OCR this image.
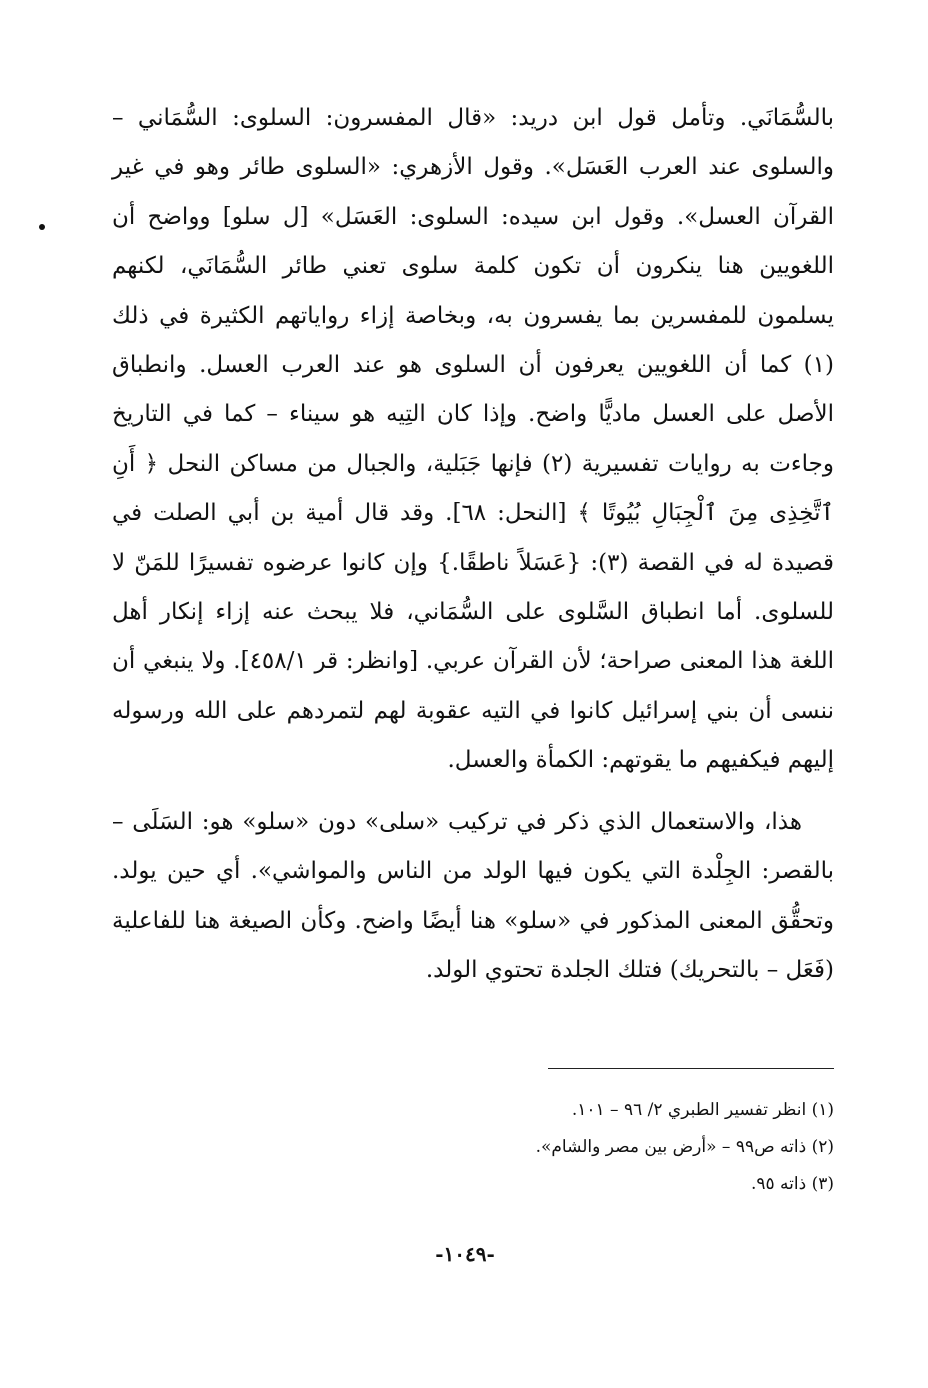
بالسُّمَانَي. وتأمل قول ابن دريد: «قال المفسرون: السلوى: السُّمَاني – والسلوى عند العرب العَسَل». وقول الأزهري: «السلوى طائر وهو في غير القرآن العسل». وقول ابن سيده: السلوى: العَسَل» [ل سلو] وواضح أن اللغويين هنا ينكرون أن تكون كلمة سلوى تعني طائر السُّمَانَي، لكنهم يسلمون للمفسرين بما يفسرون به، وبخاصة إزاء رواياتهم الكثيرة في ذلك (١) كما أن اللغويين يعرفون أن السلوى هو عند العرب العسل. وانطباق الأصل على العسل ماديًّا واضح. وإذا كان التِيه هو سيناء – كما في التاريخ وجاءت به روايات تفسيرية (٢) فإنها جَبَلية، والجبال من مساكن النحل ﴿ أَنِ ٱتَّخِذِى مِنَ ٱلْجِبَالِ بُيُوتًا ﴾ [النحل: ٦٨]. وقد قال أمية بن أبي الصلت في قصيدة له في القصة (٣): {عَسَلاً ناطقًا.} وإن كانوا عرضوه تفسيرًا للمَنّ لا للسلوى. أما انطباق السَّلوى على السُّمَاني، فلا يبحث عنه إزاء إنكار أهل اللغة هذا المعنى صراحة؛ لأن القرآن عربي. [وانظر: قر ٤٥٨/١]. ولا ينبغي أن ننسى أن بني إسرائيل كانوا في التيه عقوبة لهم لتمردهم على الله ورسوله إليهم فيكفيهم ما يقوتهم: الكمأة والعسل.

هذا، والاستعمال الذي ذكر في تركيب «سلى» دون «سلو» هو: السَلَى – بالقصر: الجِلْدة التي يكون فيها الولد من الناس والمواشي». أي حين يولد. وتحقُّق المعنى المذكور في «سلو» هنا أيضًا واضح. وكأن الصيغة هنا للفاعلية (فَعَل – بالتحريك) فتلك الجلدة تحتوي الولد.

(١) انظر تفسير الطبري ٢/ ٩٦ – ١٠١.
(٢) ذاته ص٩٩ – «أرض بين مصر والشام».
(٣) ذاته ٩٥.
-١٠٤٩-
